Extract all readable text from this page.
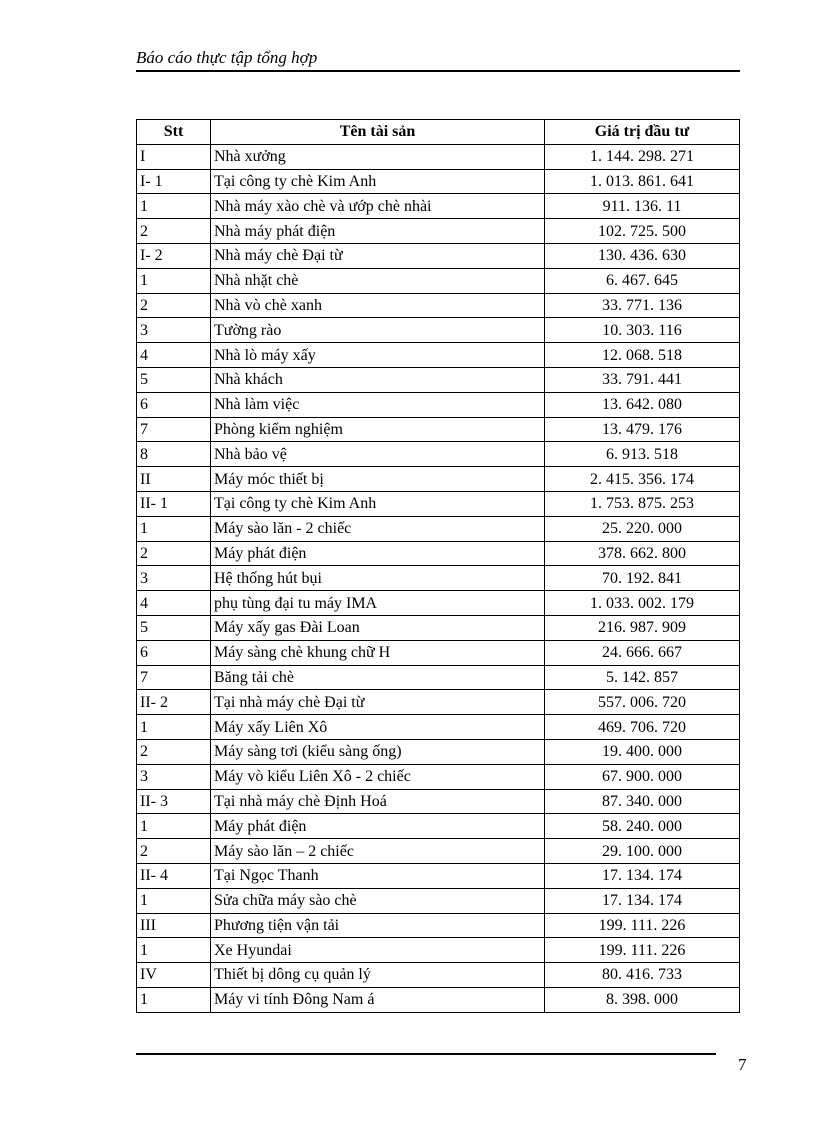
Báo cáo thực tập tổng hợp
Stt	Tên tài sản	Giá trị đầu tư
I	Nhà xưởng	1. 144. 298. 271
I- 1	Tại công ty chè Kim Anh	1. 013. 861. 641
1	Nhà máy xào chè và ướp chè nhài	911. 136. 11
2	Nhà máy phát điện	102. 725. 500
I- 2	Nhà máy chè Đại từ	130. 436. 630
1	Nhà nhặt chè	6. 467. 645
2	Nhà vò chè xanh	33. 771. 136
3	Tường rào	10. 303. 116
4	Nhà lò máy xấy	12. 068. 518
5	Nhà khách	33. 791. 441
6	Nhà làm việc	13. 642. 080
7	Phòng kiểm nghiệm	13. 479. 176
8	Nhà bảo vệ	6. 913. 518
II	Máy móc thiết bị	2. 415. 356. 174
II- 1	Tại công ty chè Kim Anh	1. 753. 875. 253
1	Máy sào lăn - 2 chiếc	25. 220. 000
2	Máy phát điện	378. 662. 800
3	Hệ thống hút bụi	70. 192. 841
4	phụ tùng đại tu máy IMA	1. 033. 002. 179
5	Máy xấy gas Đài Loan	216. 987. 909
6	Máy sàng chè khung chữ H	24. 666. 667
7	Băng tải chè	5. 142. 857
II- 2	Tại nhà máy chè Đại từ	557. 006. 720
1	Máy xấy Liên Xô	469. 706. 720
2	Máy sàng tơi (kiểu sàng ống)	19. 400. 000
3	Máy vò kiểu Liên Xô - 2 chiếc	67. 900. 000
II- 3	Tại nhà máy chè Định Hoá	87. 340. 000
1	Máy phát điện	58. 240. 000
2	Máy sào lăn – 2 chiếc	29. 100. 000
II- 4	Tại Ngọc Thanh	17. 134. 174
1	Sửa chữa máy sào chè	17. 134. 174
III	Phương tiện vận tải	199. 111. 226
1	Xe Hyundai	199. 111. 226
IV	Thiết bị dông cụ quản lý	80. 416. 733
1	Máy vi tính Đông Nam á	8. 398. 000
7
